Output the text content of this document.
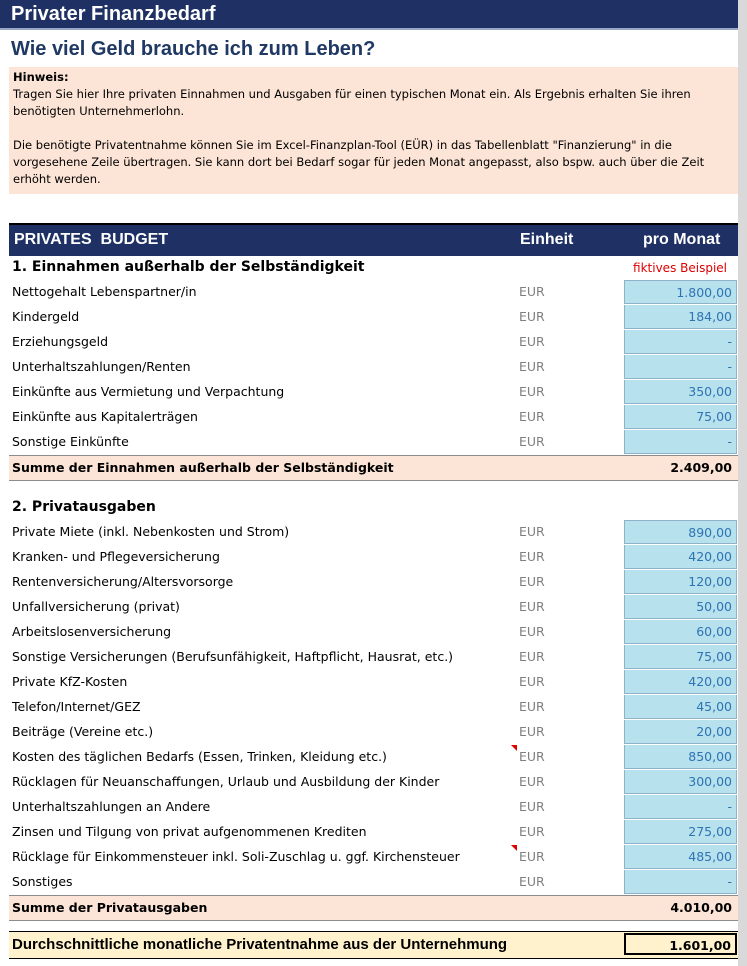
Privater Finanzbedarf
Wie viel Geld brauche ich zum Leben?
Hinweis:
Tragen Sie hier Ihre privaten Einnahmen und Ausgaben für einen typischen Monat ein. Als Ergebnis erhalten Sie ihren benötigten Unternehmerlohn.
Die benötigte Privatentnahme können Sie im Excel-Finanzplan-Tool (EÜR) in das Tabellenblatt "Finanzierung" in die vorgesehene Zeile übertragen. Sie kann dort bei Bedarf sogar für jeden Monat angepasst, also bspw. auch über die Zeit erhöht werden.
PRIVATES  BUDGET	Einheit	pro Monat
1. Einnahmen außerhalb der Selbständigkeit	fiktives Beispiel
Nettogehalt Lebenspartner/in	EUR	1.800,00
Kindergeld	EUR	184,00
Erziehungsgeld	EUR	-
Unterhaltszahlungen/Renten	EUR	-
Einkünfte aus Vermietung und Verpachtung	EUR	350,00
Einkünfte aus Kapitalerträgen	EUR	75,00
Sonstige Einkünfte	EUR	-
Summe der Einnahmen außerhalb der Selbständigkeit	2.409,00
2. Privatausgaben
Private Miete (inkl. Nebenkosten und Strom)	EUR	890,00
Kranken- und Pflegeversicherung	EUR	420,00
Rentenversicherung/Altersvorsorge	EUR	120,00
Unfallversicherung (privat)	EUR	50,00
Arbeitslosenversicherung	EUR	60,00
Sonstige Versicherungen (Berufsunfähigkeit, Haftpflicht, Hausrat, etc.)	EUR	75,00
Private KfZ-Kosten	EUR	420,00
Telefon/Internet/GEZ	EUR	45,00
Beiträge (Vereine etc.)	EUR	20,00
Kosten des täglichen Bedarfs (Essen, Trinken, Kleidung etc.)	EUR	850,00
Rücklagen für Neuanschaffungen, Urlaub und Ausbildung der Kinder	EUR	300,00
Unterhaltszahlungen an Andere	EUR	-
Zinsen und Tilgung von privat aufgenommenen Krediten	EUR	275,00
Rücklage für Einkommensteuer inkl. Soli-Zuschlag u. ggf. Kirchensteuer	EUR	485,00
Sonstiges	EUR	-
Summe der Privatausgaben	4.010,00
Durchschnittliche monatliche Privatentnahme aus der Unternehmung	1.601,00
